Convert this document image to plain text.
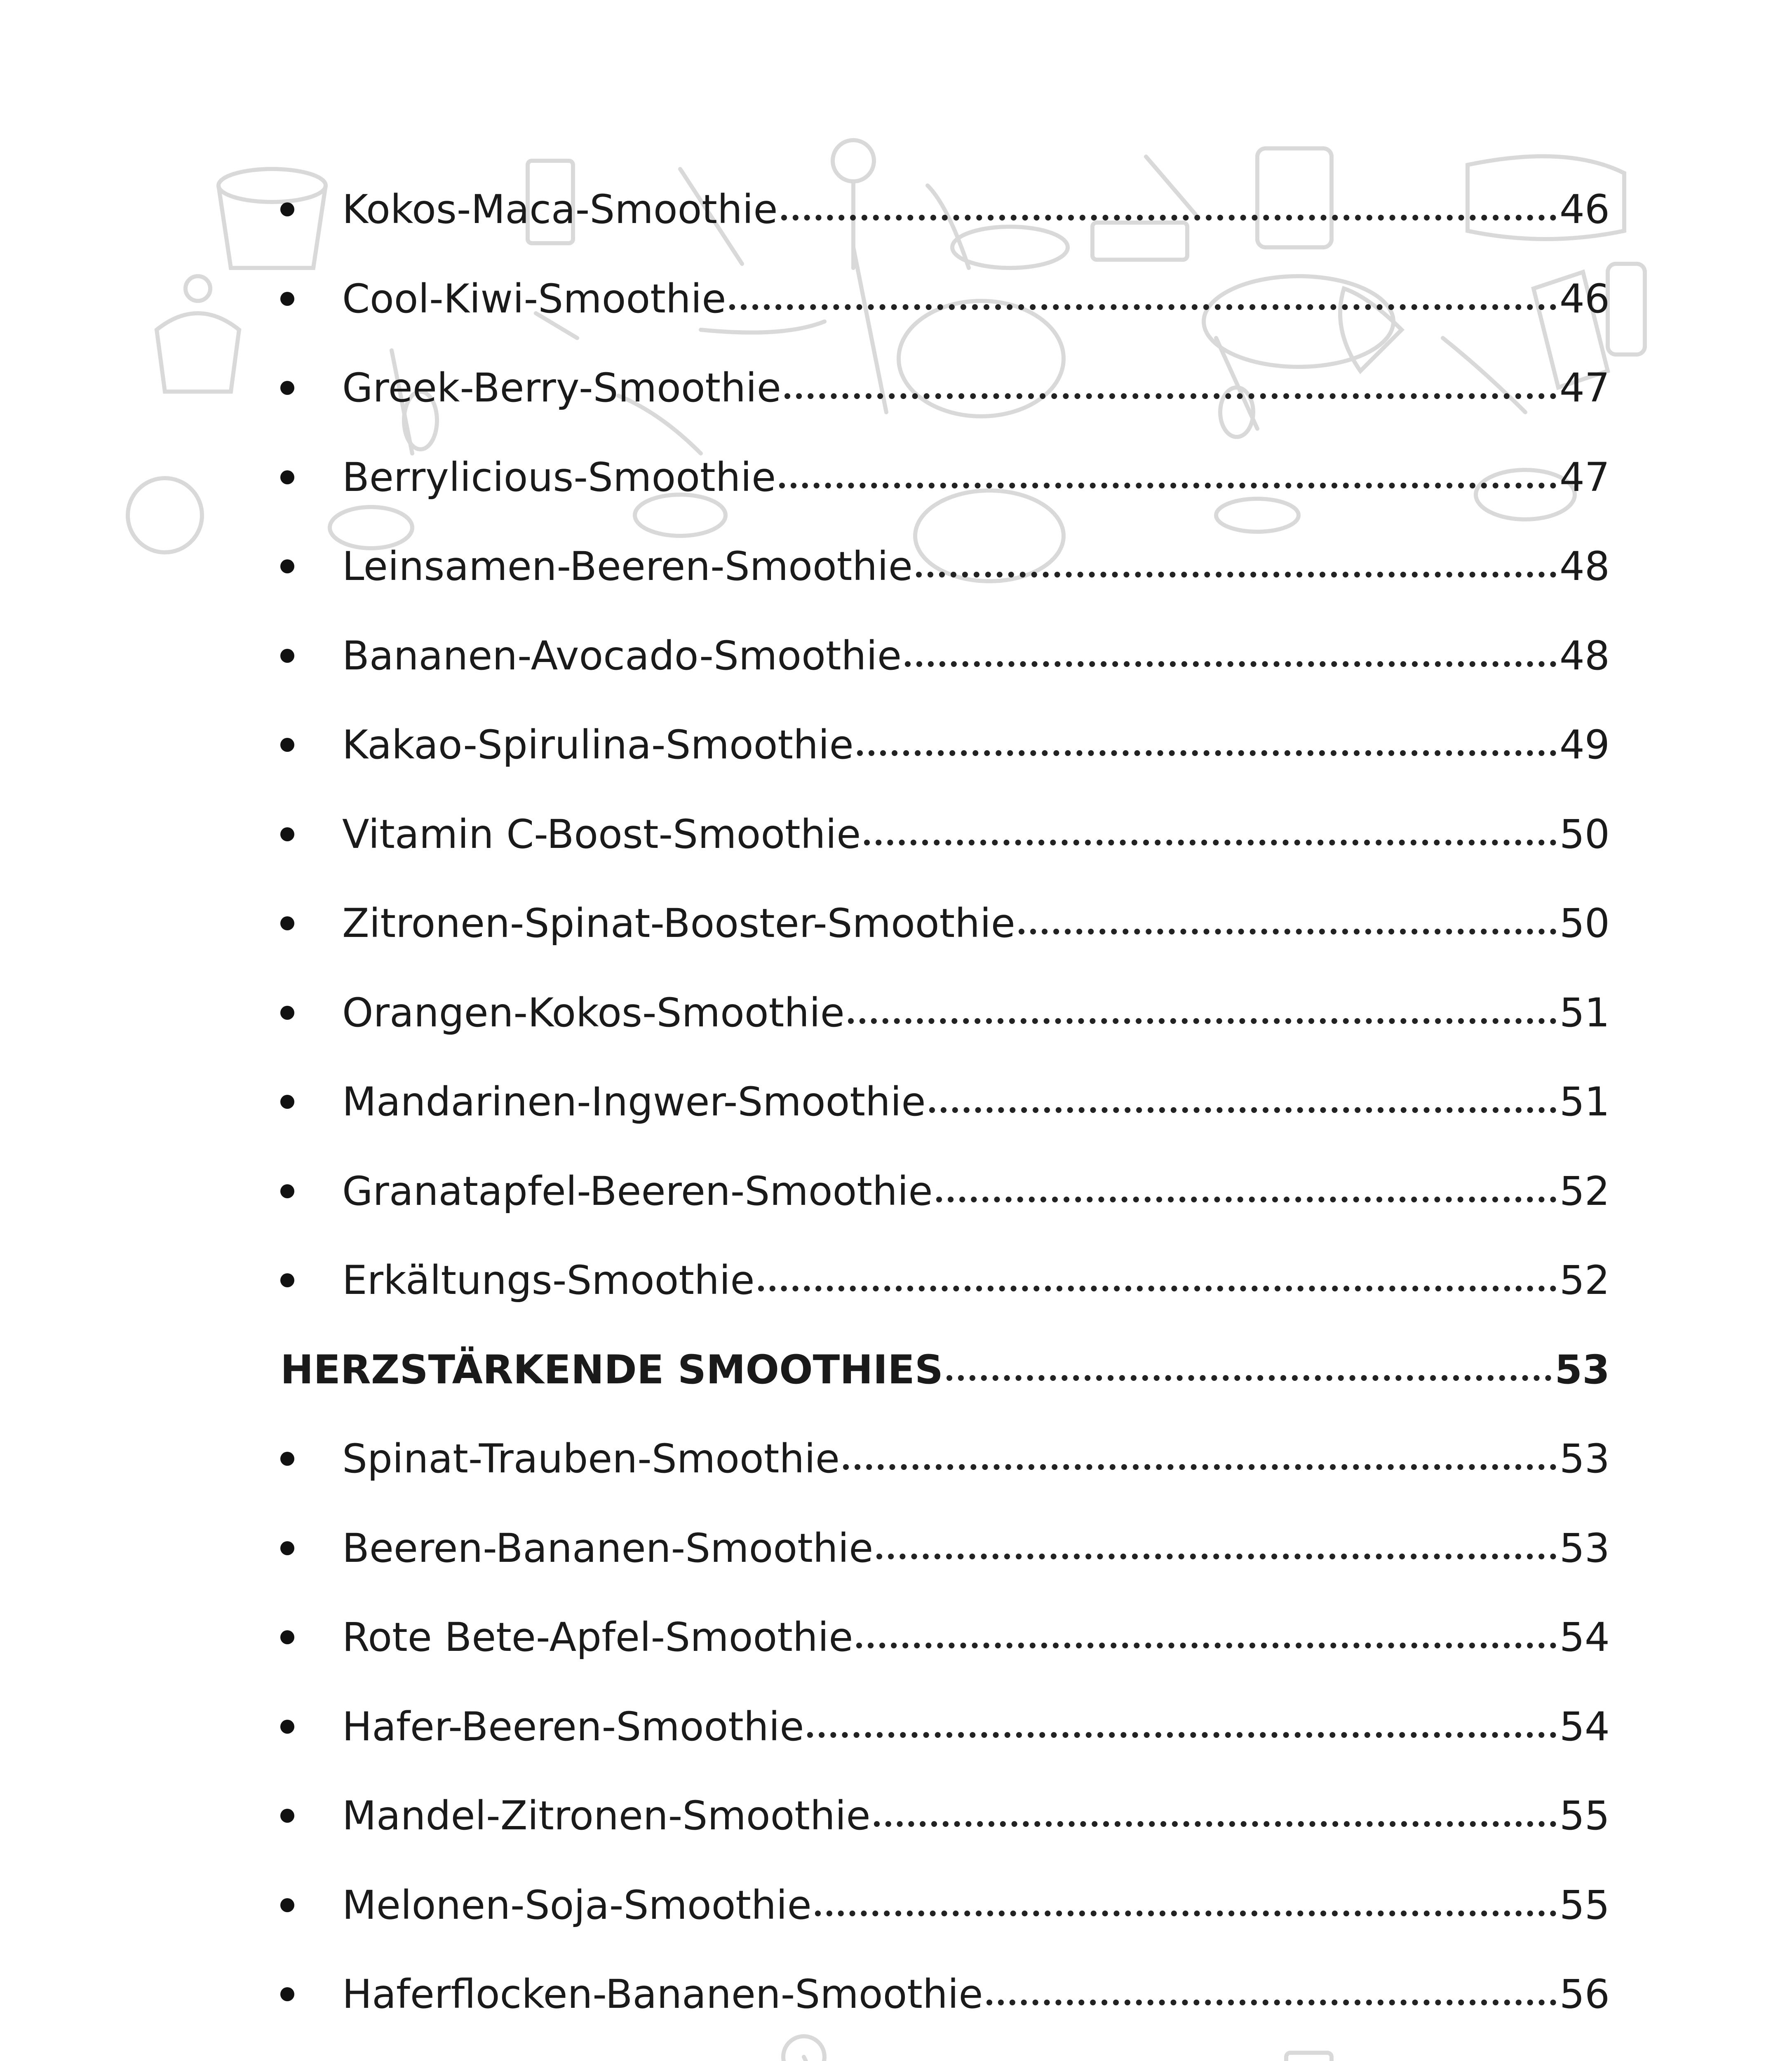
Kokos-Maca-Smoothie	46
Cool-Kiwi-Smoothie	46
Greek-Berry-Smoothie	47
Berrylicious-Smoothie	47
Leinsamen-Beeren-Smoothie	48
Bananen-Avocado-Smoothie	48
Kakao-Spirulina-Smoothie	49
Vitamin C-Boost-Smoothie	50
Zitronen-Spinat-Booster-Smoothie	50
Orangen-Kokos-Smoothie	51
Mandarinen-Ingwer-Smoothie	51
Granatapfel-Beeren-Smoothie	52
Erkältungs-Smoothie	52
HERZSTÄRKENDE SMOOTHIES	53
Spinat-Trauben-Smoothie	53
Beeren-Bananen-Smoothie	53
Rote Bete-Apfel-Smoothie	54
Hafer-Beeren-Smoothie	54
Mandel-Zitronen-Smoothie	55
Melonen-Soja-Smoothie	55
Haferflocken-Bananen-Smoothie	56
